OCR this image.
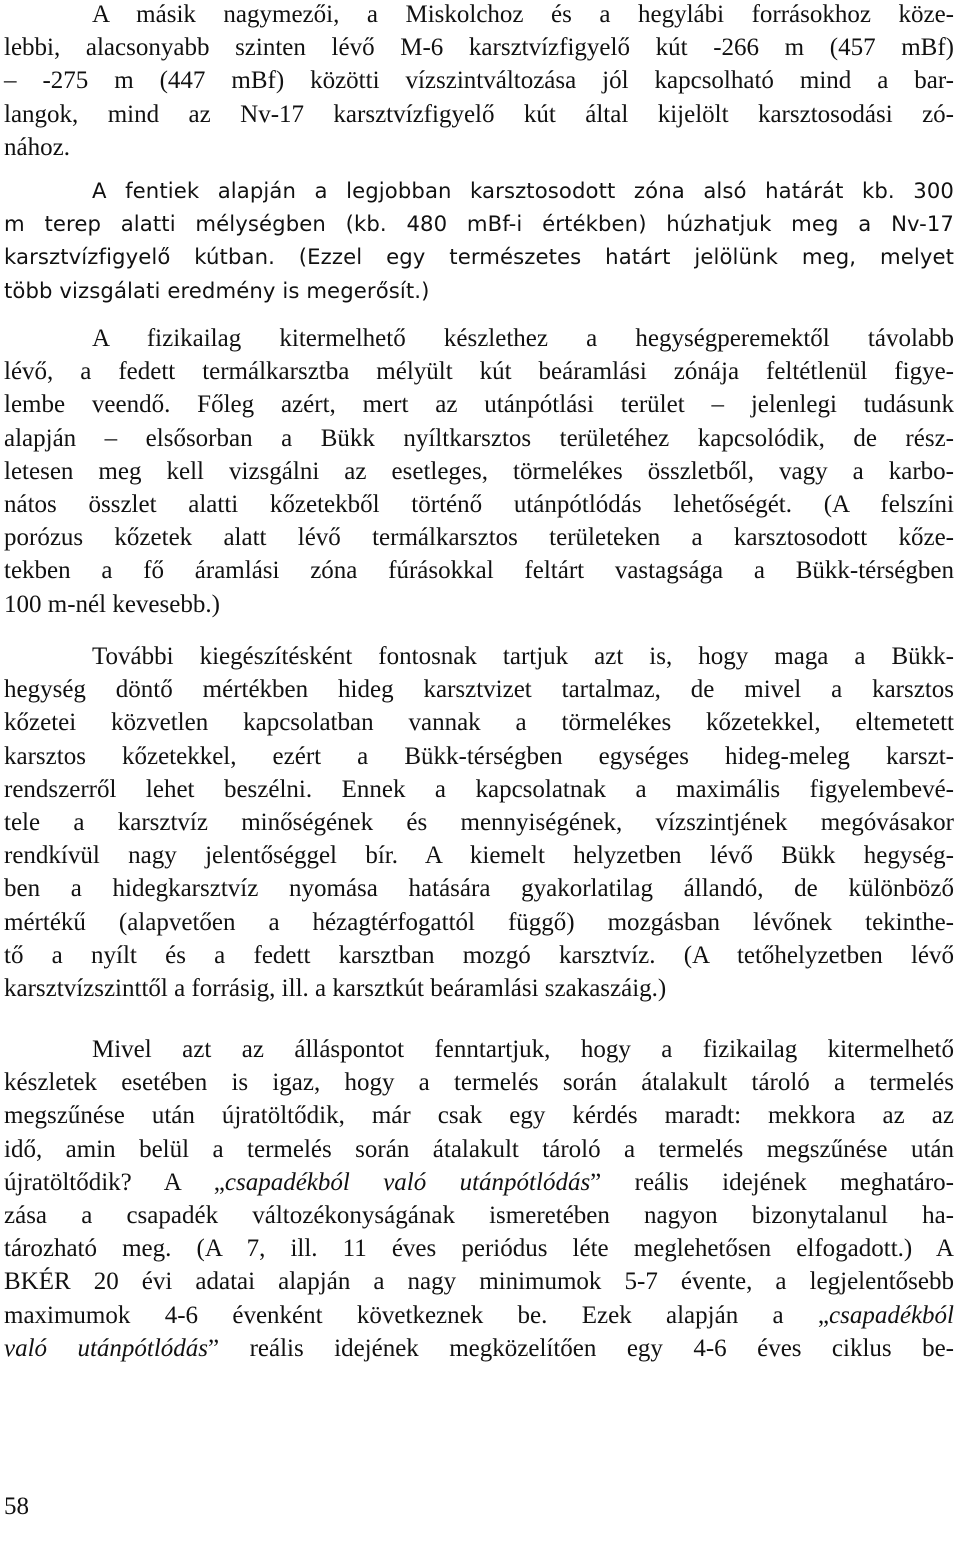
A másik nagymezői, a Miskolchoz és a hegylábi forrásokhoz köze-
lebbi, alacsonyabb szinten lévő M-6 karsztvízfigyelő kút -266 m (457 mBf)
– -275 m (447 mBf) közötti vízszintváltozása jól kapcsolható mind a bar-
langok, mind az Nv-17 karsztvízfigyelő kút által kijelölt karsztosodási zó-
nához.
A fentiek alapján a legjobban karsztosodott zóna alsó határát kb. 300
m terep alatti mélységben (kb. 480 mBf-i értékben) húzhatjuk meg a Nv-17
karsztvízfigyelő kútban. (Ezzel egy természetes határt jelölünk meg, melyet
több vizsgálati eredmény is megerősít.)
A fizikailag kitermelhető készlethez a hegységperemektől távolabb
lévő, a fedett termálkarsztba mélyült kút beáramlási zónája feltétlenül figye-
lembe veendő. Főleg azért, mert az utánpótlási terület – jelenlegi tudásunk
alapján – elsősorban a Bükk nyíltkarsztos területéhez kapcsolódik, de rész-
letesen meg kell vizsgálni az esetleges, törmelékes összletből, vagy a karbo-
nátos összlet alatti kőzetekből történő utánpótlódás lehetőségét. (A felszíni
porózus kőzetek alatt lévő termálkarsztos területeken a karsztosodott kőze-
tekben a fő áramlási zóna fúrásokkal feltárt vastagsága a Bükk-térségben
100 m-nél kevesebb.)
További kiegészítésként fontosnak tartjuk azt is, hogy maga a Bükk-
hegység döntő mértékben hideg karsztvizet tartalmaz, de mivel a karsztos
kőzetei közvetlen kapcsolatban vannak a törmelékes kőzetekkel, eltemetett
karsztos kőzetekkel, ezért a Bükk-térségben egységes hideg-meleg karszt-
rendszerről lehet beszélni. Ennek a kapcsolatnak a maximális figyelembevé-
tele a karsztvíz minőségének és mennyiségének, vízszintjének megóvásakor
rendkívül nagy jelentőséggel bír. A kiemelt helyzetben lévő Bükk hegység-
ben a hidegkarsztvíz nyomása hatására gyakorlatilag állandó, de különböző
mértékű (alapvetően a hézagtérfogattól függő) mozgásban lévőnek tekinthe-
tő a nyílt és a fedett karsztban mozgó karsztvíz. (A tetőhelyzetben lévő
karsztvízszinttől a forrásig, ill. a karsztkút beáramlási szakaszáig.)
Mivel azt az álláspontot fenntartjuk, hogy a fizikailag kitermelhető
készletek esetében is igaz, hogy a termelés során átalakult tároló a termelés
megszűnése után újratöltődik, már csak egy kérdés maradt: mekkora az az
idő, amin belül a termelés során átalakult tároló a termelés megszűnése után
újratöltődik? A „csapadékból való utánpótlódás” reális idejének meghatáro-
zása a csapadék változékonyságának ismeretében nagyon bizonytalanul ha-
tározható meg. (A 7, ill. 11 éves periódus léte meglehetősen elfogadott.) A
BKÉR 20 évi adatai alapján a nagy minimumok 5-7 évente, a legjelentősebb
maximumok 4-6 évenként következnek be. Ezek alapján a „csapadékból
való utánpótlódás” reális idejének megközelítően egy 4-6 éves ciklus be-
58
